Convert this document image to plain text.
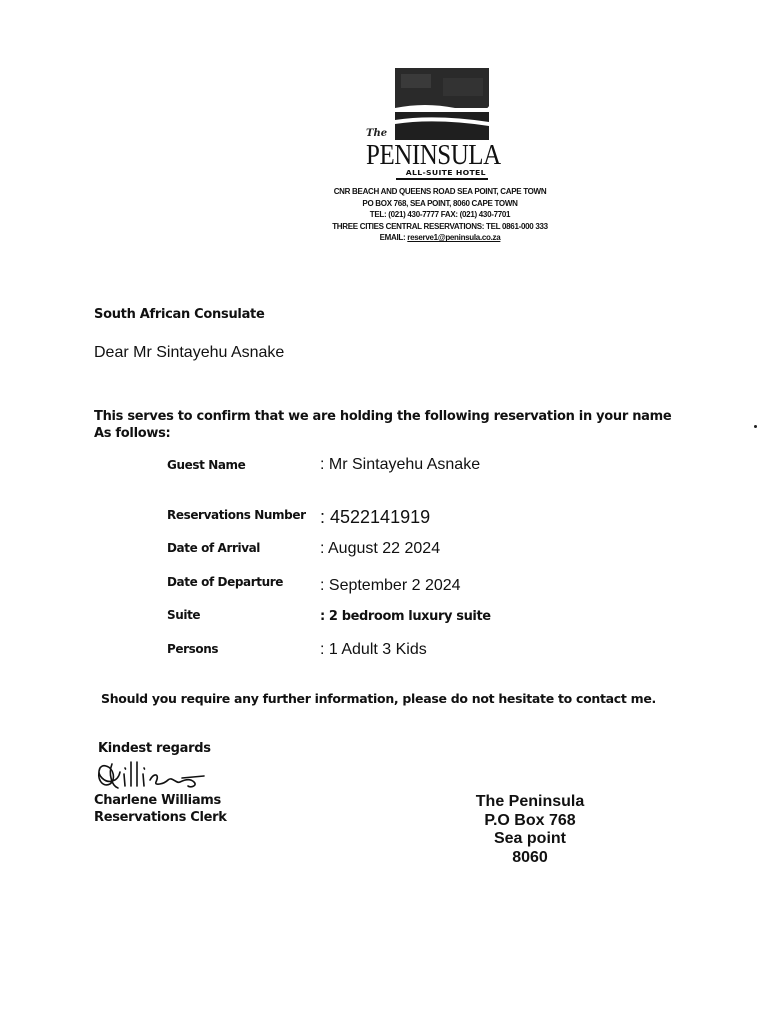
The
PENINSULA
ALL-SUITE HOTEL
CNR BEACH AND QUEENS ROAD SEA POINT, CAPE TOWN
PO BOX 768, SEA POINT, 8060 CAPE TOWN
TEL: (021) 430-7777 FAX: (021) 430-7701
THREE CITIES CENTRAL RESERVATIONS: TEL 0861-000 333
EMAIL: reserve1@peninsula.co.za
South African Consulate
Dear Mr Sintayehu Asnake
This serves to confirm that we are holding the following reservation in your name
As follows:
Guest Name	: Mr Sintayehu Asnake
Reservations Number : 4522141919
Date of Arrival	: August 22 2024
Date of Departure : September 2 2024
Suite	: 2 bedroom luxury suite
Persons	: 1 Adult 3 Kids
Should you require any further information, please do not hesitate to contact me.
Kindest regards
Charlene Williams
Reservations Clerk
The Peninsula
P.O Box 768
Sea point
8060
